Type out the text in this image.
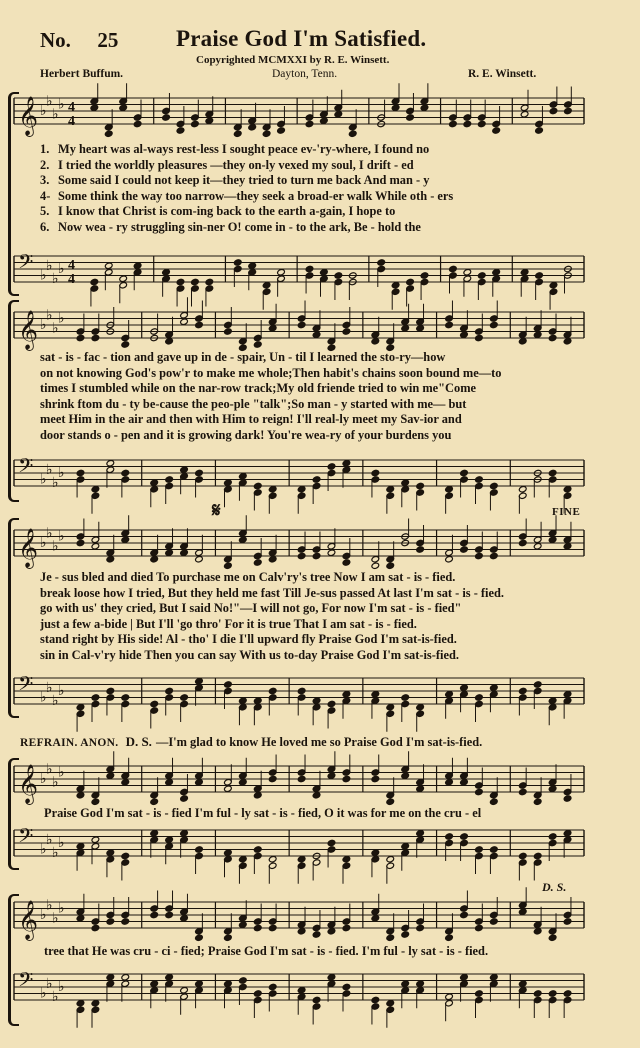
No. 25	Praise God I'm Satisfied.
Copyrighted MCMXXI by R. E. Winsett.
Herbert Buffum.	Dayton, Tenn.	R. E. Winsett.
𝄞 ♭
♭
♭
♭ 4
4
1. My heart was al-ways rest-less I sought peace ev-'ry-where, I found no
2. I tried the worldly pleasures —they on-ly vexed my soul, I drift - ed
3. Some said I could not keep it—they tried to turn me back And man - y
4- Some think the way too narrow—they seek a broad-er walk While oth - ers
5. I know that Christ is com-ing back to the earth a-gain, I hope to
6. Now wea - ry struggling sin-ner O! come in - to the ark, Be - hold the
𝄢 ♭
♭
♭
♭ 4
4
𝄞 ♭
♭
♭
♭
sat - is - fac - tion and gave up in de - spair, Un - til I learned the sto-ry—how
on not knowing God's pow'r to make me whole;Then habit's chains soon bound me—to
times I stumbled while on the nar-row track;My old friende tried to win me"Come
shrink ftom du - ty be-cause the peo-ple "talk";So man - y started with me— but
meet Him in the air and then with Him to reign! I'll real-ly meet my Sav-ior and
door stands o - pen and it is growing dark! You're wea-ry of your burdens you
𝄢 ♭
♭
♭
♭
𝄋	FINE
𝄞 ♭
♭
♭
♭
Je - sus bled and died To purchase me on Calv'ry's tree Now I am sat - is - fied.
break loose how I tried, But they held me fast Till Je-sus passed At last I'm sat - is - fied.
go with us' they cried, But I said No!"—I will not go, For now I'm sat - is - fied"
just a few a-bide | But I'll 'go thro' For it is true That I am sat - is - fied.
stand right by His side! Al - tho' I die I'll upward fly Praise God I'm sat-is-fied.
sin in Cal-v'ry hide Then you can say With us to-day Praise God I'm sat-is-fied.
𝄢 ♭
♭
♭
♭
REFRAIN. ANON. D. S. —I'm glad to know He loved me so Praise God I'm sat-is-fied.
𝄞 ♭
♭
♭
♭
Praise God I'm sat - is - fied I'm ful - ly sat - is - fied, O it was for me on the cru - el
𝄢 ♭
♭
♭
♭
D. S.
𝄞 ♭
♭
♭
♭
tree that He was cru - ci - fied; Praise God I'm sat - is - fied. I'm ful - ly sat - is - fied.
𝄢 ♭
♭
♭
♭
